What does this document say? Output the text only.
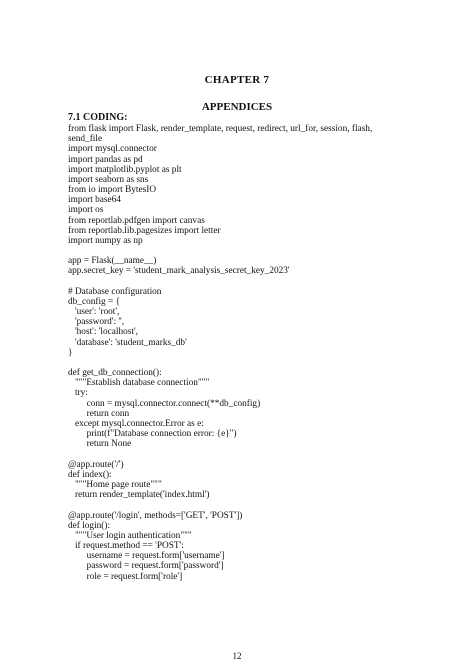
CHAPTER 7
APPENDICES
7.1 CODING:
from flask import Flask, render_template, request, redirect, url_for, session, flash,
send_file
import mysql.connector
import pandas as pd
import matplotlib.pyplot as plt
import seaborn as sns
from io import BytesIO
import base64
import os
from reportlab.pdfgen import canvas
from reportlab.lib.pagesizes import letter
import numpy as np

app = Flask(__name__)
app.secret_key = 'student_mark_analysis_secret_key_2023'

# Database configuration
db_config = {
'user': 'root',
'password': '',
'host': 'localhost',
'database': 'student_marks_db'
}

def get_db_connection():
"""Establish database connection"""
try:
conn = mysql.connector.connect(**db_config)
return conn
except mysql.connector.Error as e:
print(f"Database connection error: {e}")
return None

@app.route('/')
def index():
"""Home page route"""
return render_template('index.html')

@app.route('/login', methods=['GET', 'POST'])
def login():
"""User login authentication"""
if request.method == 'POST':
username = request.form['username']
password = request.form['password']
role = request.form['role']
12
